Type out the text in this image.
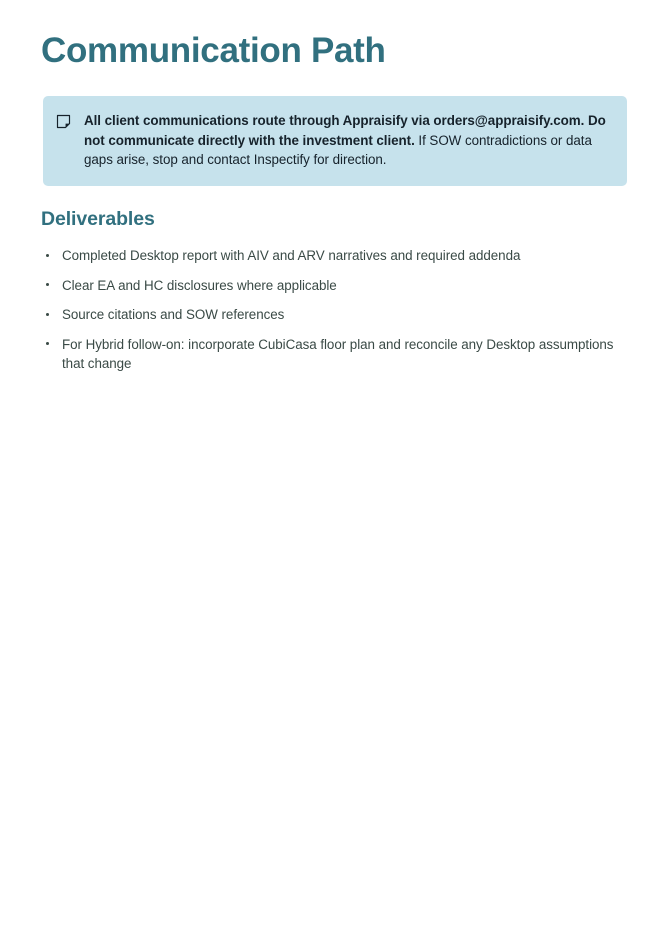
Communication Path
All client communications route through Appraisify via orders@appraisify.com. Do not communicate directly with the investment client. If SOW contradictions or data gaps arise, stop and contact Inspectify for direction.
Deliverables
Completed Desktop report with AIV and ARV narratives and required addenda
Clear EA and HC disclosures where applicable
Source citations and SOW references
For Hybrid follow-on: incorporate CubiCasa floor plan and reconcile any Desktop assumptions that change
